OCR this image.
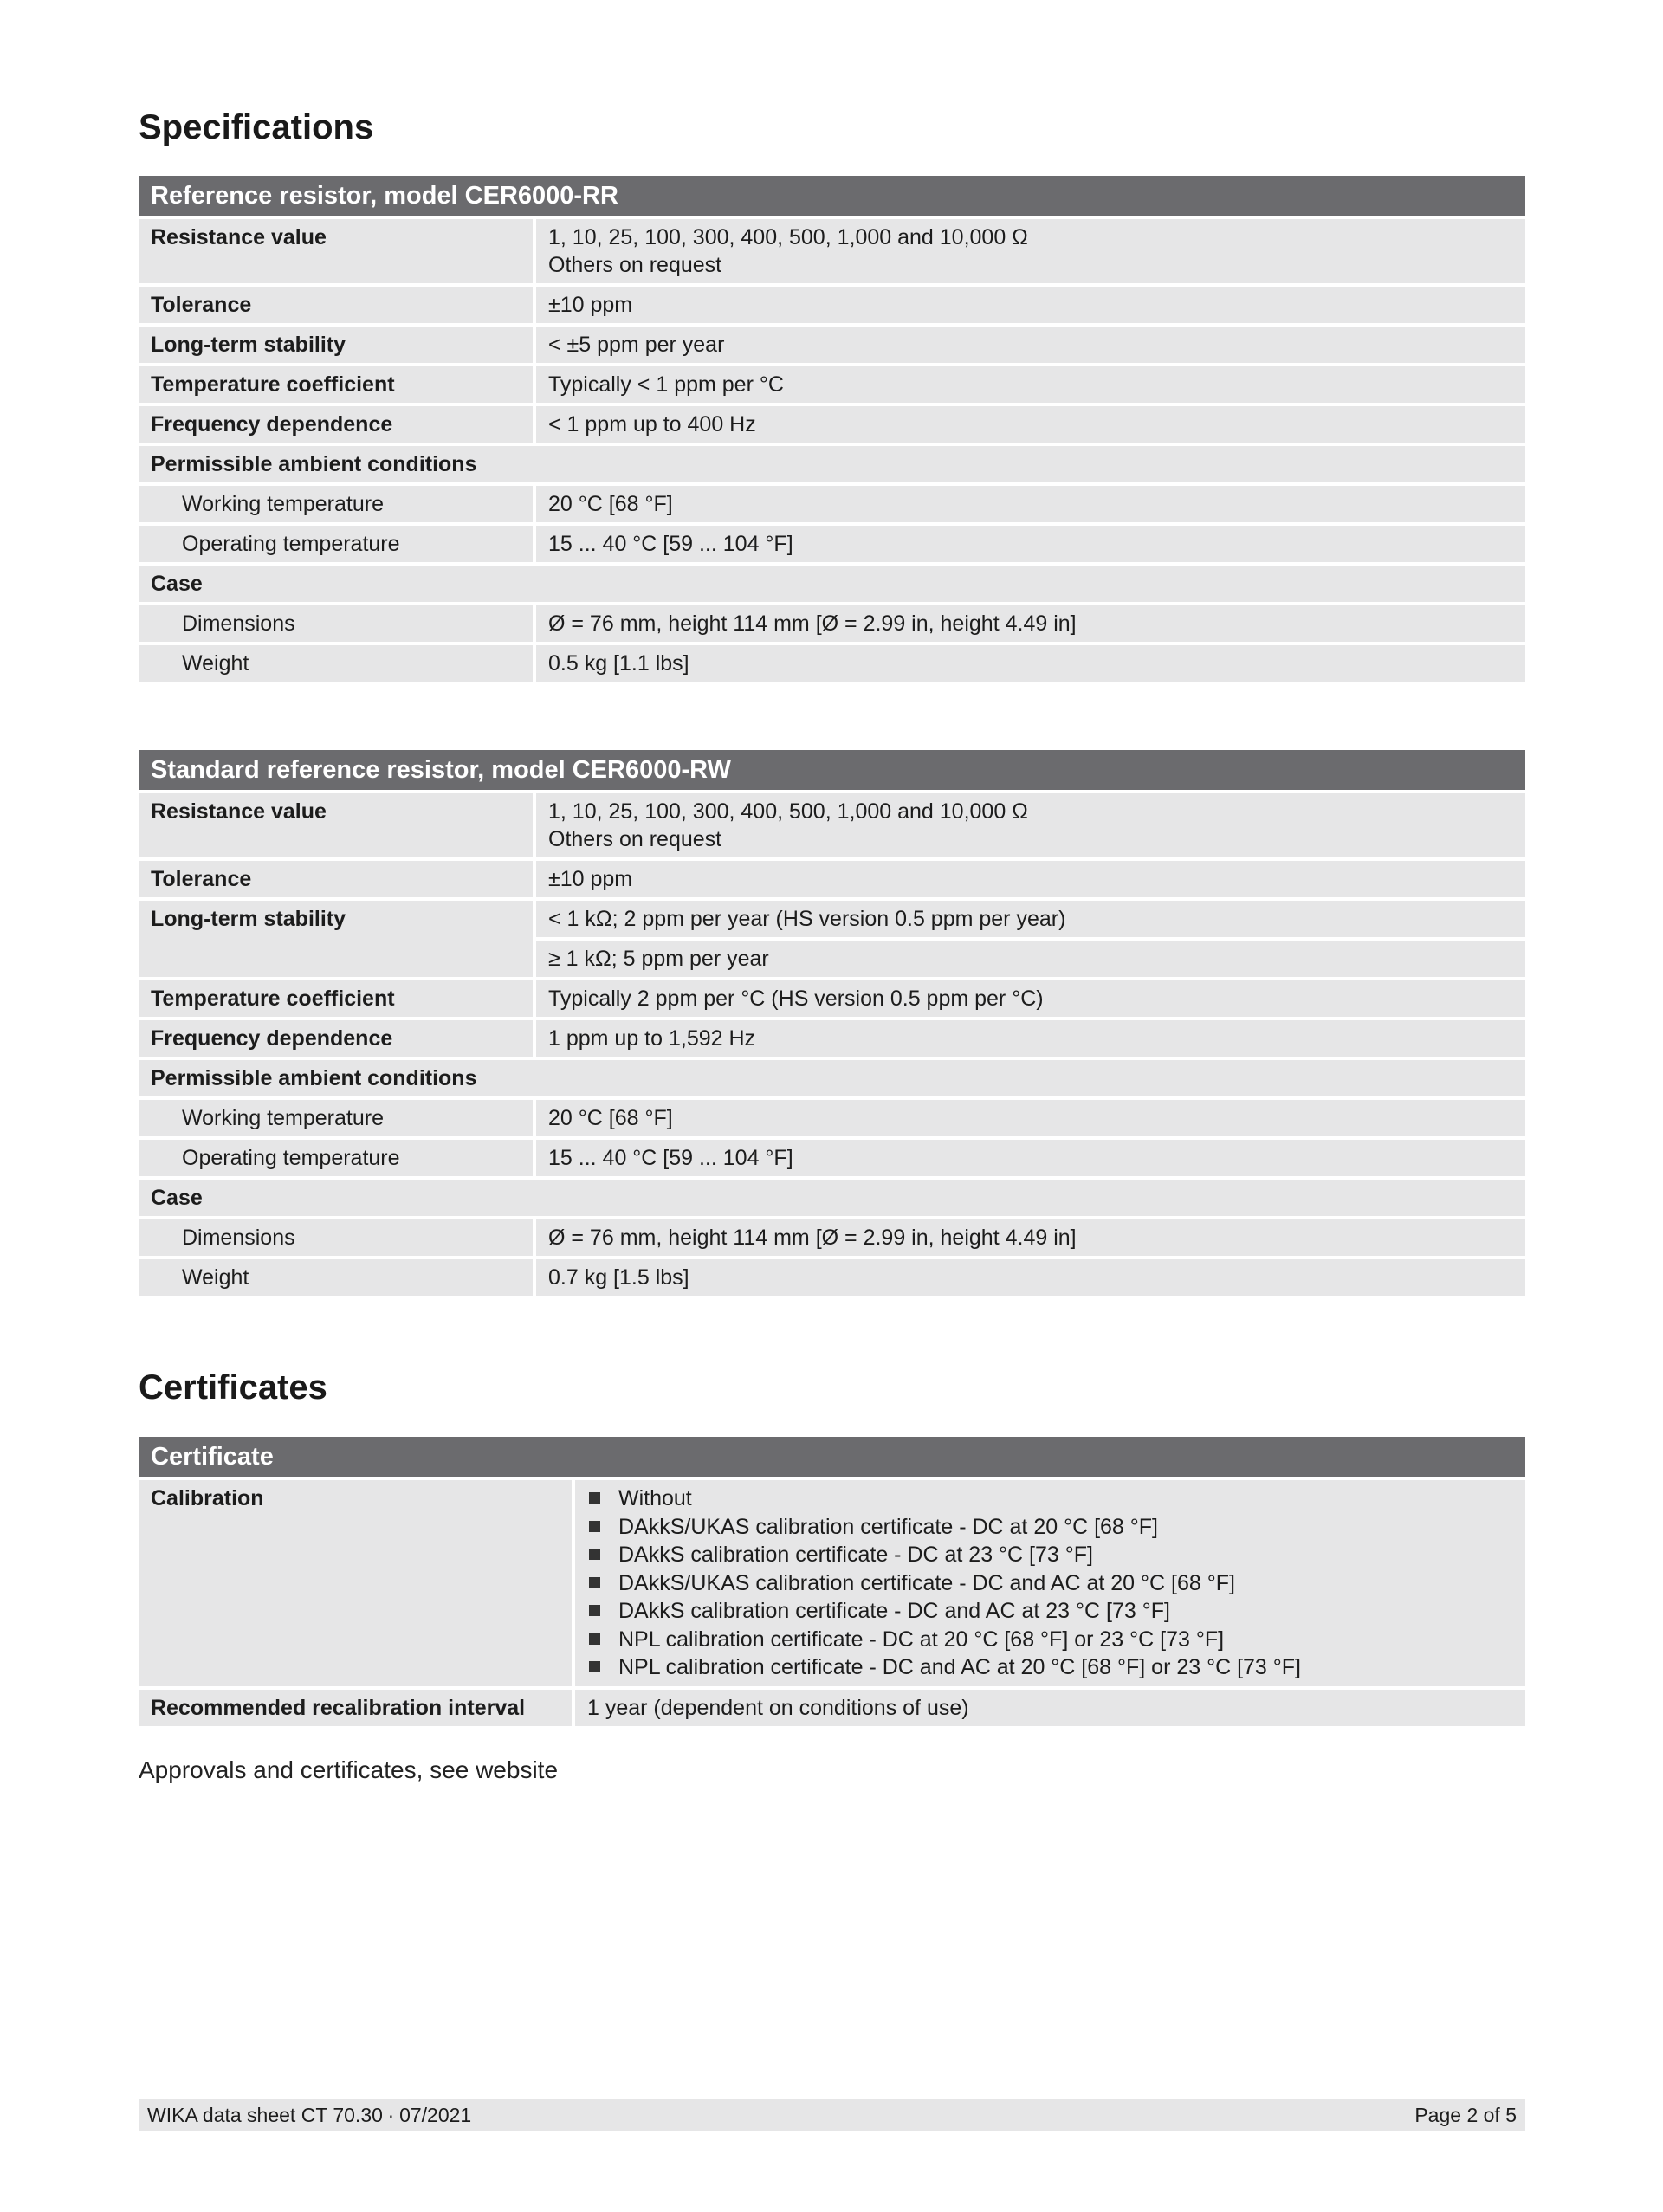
Specifications
Reference resistor, model CER6000-RR
Resistance value	1, 10, 25, 100, 300, 400, 500, 1,000 and 10,000 Ω
Others on request
Tolerance	±10 ppm
Long-term stability	< ±5 ppm per year
Temperature coefficient	Typically < 1 ppm per °C
Frequency dependence	< 1 ppm up to 400 Hz
Permissible ambient conditions
Working temperature	20 °C [68 °F]
Operating temperature	15 ... 40 °C [59 ... 104 °F]
Case
Dimensions	Ø = 76 mm, height 114 mm [Ø = 2.99 in, height 4.49 in]
Weight	0.5 kg [1.1 lbs]
Standard reference resistor, model CER6000-RW
Resistance value	1, 10, 25, 100, 300, 400, 500, 1,000 and 10,000 Ω
Others on request
Tolerance	±10 ppm
Long-term stability	< 1 kΩ; 2 ppm per year (HS version 0.5 ppm per year)
≥ 1 kΩ; 5 ppm per year
Temperature coefficient	Typically 2 ppm per °C (HS version 0.5 ppm per °C)
Frequency dependence	1 ppm up to 1,592 Hz
Permissible ambient conditions
Working temperature	20 °C [68 °F]
Operating temperature	15 ... 40 °C [59 ... 104 °F]
Case
Dimensions	Ø = 76 mm, height 114 mm [Ø = 2.99 in, height 4.49 in]
Weight	0.7 kg [1.5 lbs]
Certificates
Certificate
Calibration	Without
DAkkS/UKAS calibration certificate - DC at 20 °C [68 °F]
DAkkS calibration certificate - DC at 23 °C [73 °F]
DAkkS/UKAS calibration certificate - DC and AC at 20 °C [68 °F]
DAkkS calibration certificate - DC and AC at 23 °C [73 °F]
NPL calibration certificate - DC at 20 °C [68 °F] or 23 °C [73 °F]
NPL calibration certificate - DC and AC at 20 °C [68 °F] or 23 °C [73 °F]
Recommended recalibration interval	1 year (dependent on conditions of use)
Approvals and certificates, see website
WIKA data sheet CT 70.30 ∙ 07/2021	Page 2 of 5
